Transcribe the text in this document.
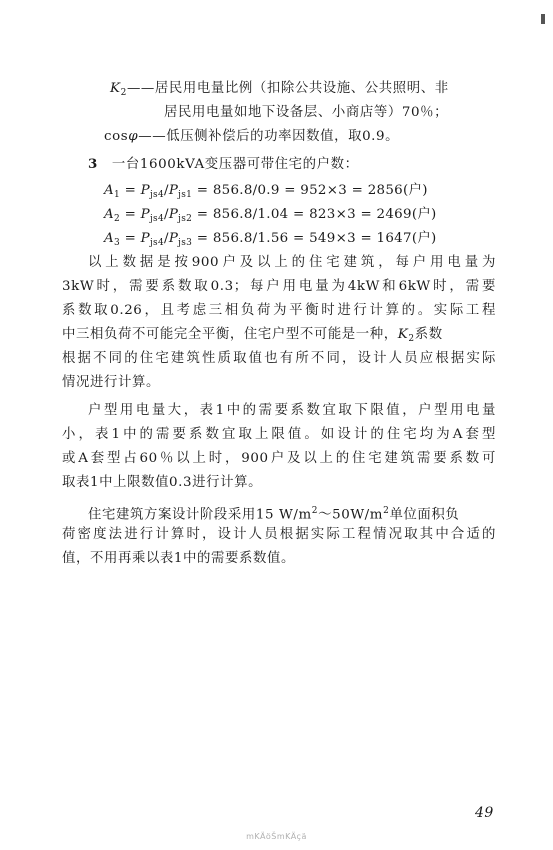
$K_2——$居民用电量比例（扣除公共设施、公共照明、非
居民用电量如地下设备层、小商店等）70％；
cosφ——低压侧补偿后的功率因数值，取0.9。
3 一台1600kVA变压器可带住宅的户数：
$A_1 = P_{js4}/P_{js1} = 856.8/0.9 = 952\times 3 = 2856$(户)
$A_2 = P_{js4}/P_{js2} = 856.8/1.04 = 823\times 3 = 2469$(户)
$A_3 = P_{js4}/P_{js3} = 856.8/1.56 = 549\times 3 = 1647$(户)
以上数据是按900户及以上的住宅建筑，每户用电量为
3kW时，需要系数取0.3；每户用电量为4kW和6kW时，需要
系数取0.26，且考虑三相负荷为平衡时进行计算的。实际工程
中三相负荷不可能完全平衡，住宅户型不可能是一种，$K_2$系数
根据不同的住宅建筑性质取值也有所不同，设计人员应根据实际
情况进行计算。
户型用电量大，表1中的需要系数宜取下限值，户型用电量
小，表1中的需要系数宜取上限值。如设计的住宅均为A套型
或A套型占60％以上时，900户及以上的住宅建筑需要系数可
取表1中上限数值0.3进行计算。
住宅建筑方案设计阶段采用15 $W/m^2\sim 50W/m^2$单位面积负
荷密度法进行计算时，设计人员根据实际工程情况取其中合适的
值，不用再乘以表1中的需要系数值。
49
mKÄöŠmKÄçä
